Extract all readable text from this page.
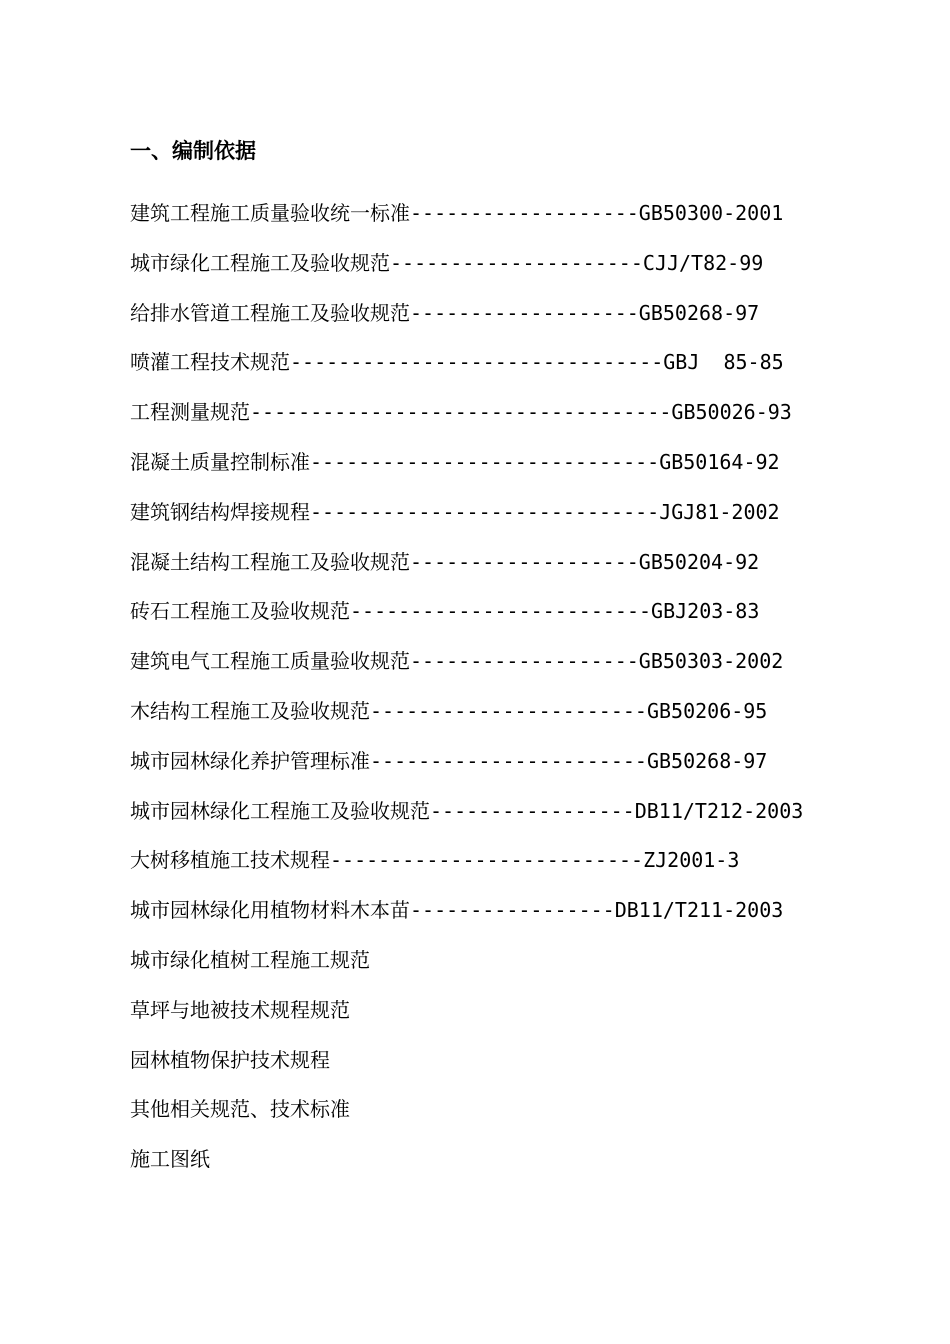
一、编制依据
建筑工程施工质量验收统一标准-------------------GB50300-2001
城市绿化工程施工及验收规范---------------------CJJ/T82-99
给排水管道工程施工及验收规范-------------------GB50268-97
喷灌工程技术规范-------------------------------GBJ  85-85
工程测量规范-----------------------------------GB50026-93
混凝土质量控制标准-----------------------------GB50164-92
建筑钢结构焊接规程-----------------------------JGJ81-2002
混凝土结构工程施工及验收规范-------------------GB50204-92
砖石工程施工及验收规范-------------------------GBJ203-83
建筑电气工程施工质量验收规范-------------------GB50303-2002
木结构工程施工及验收规范-----------------------GB50206-95
城市园林绿化养护管理标准-----------------------GB50268-97
城市园林绿化工程施工及验收规范-----------------DB11/T212-2003
大树移植施工技术规程--------------------------ZJ2001-3
城市园林绿化用植物材料木本苗-----------------DB11/T211-2003
城市绿化植树工程施工规范
草坪与地被技术规程规范
园林植物保护技术规程
其他相关规范、技术标准
施工图纸
